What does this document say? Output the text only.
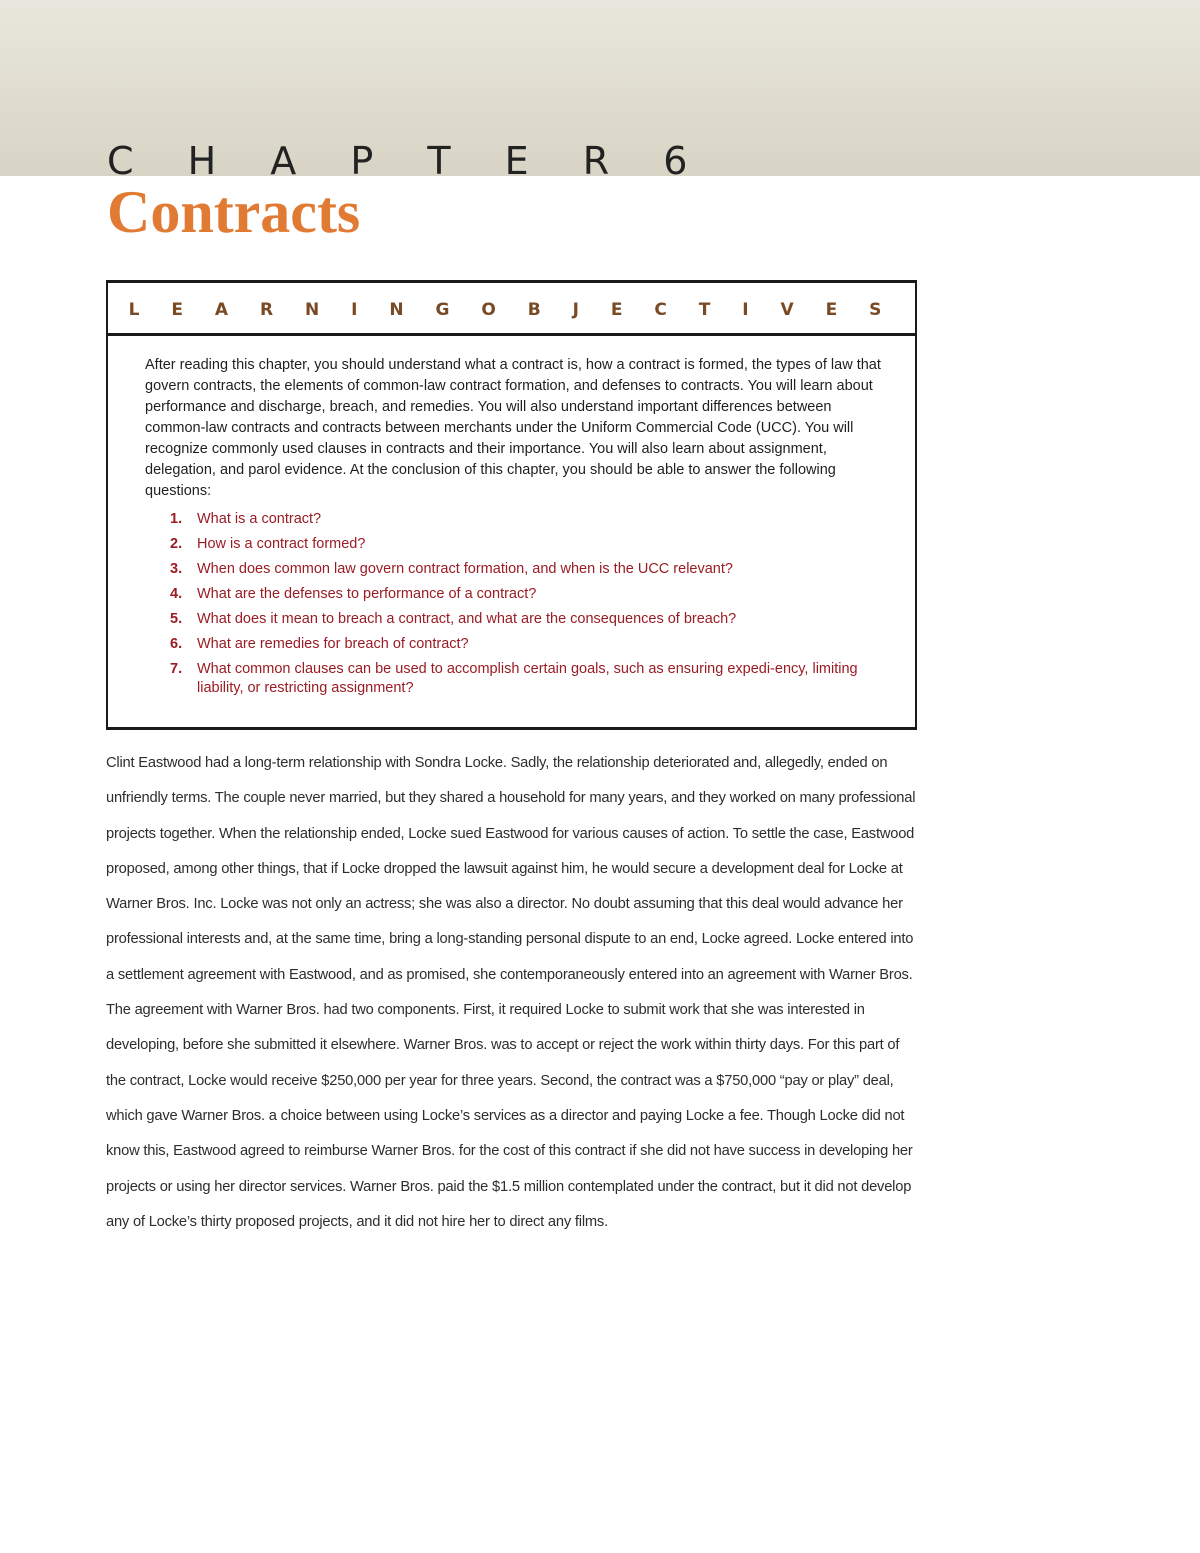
C H A P T E R 6
Contracts
L E A R N I N G O B J E C T I V E S

After reading this chapter, you should understand what a contract is, how a contract is formed, the types of law that govern contracts, the elements of common-law contract formation, and defenses to contracts. You will learn about performance and discharge, breach, and remedies. You will also understand important differences between common-law contracts and contracts between merchants under the Uniform Commercial Code (UCC). You will recognize commonly used clauses in contracts and their importance. You will also learn about assignment, delegation, and parol evidence. At the conclusion of this chapter, you should be able to answer the following questions:

1.	What is a contract?
2.	How is a contract formed?
3.	When does common law govern contract formation, and when is the UCC relevant?
4.	What are the defenses to performance of a contract?
5.	What does it mean to breach a contract, and what are the consequences of breach?
6.	What are remedies for breach of contract?
7.	What common clauses can be used to accomplish certain goals, such as ensuring expedi-ency, limiting liability, or restricting assignment?

Clint Eastwood had a long-term relationship with Sondra Locke. Sadly, the relationship deteriorated and, allegedly, ended on unfriendly terms. The couple never married, but they shared a household for many years, and they worked on many professional projects together. When the relationship ended, Locke sued Eastwood for various causes of action. To settle the case, Eastwood proposed, among other things, that if Locke dropped the lawsuit against him, he would secure a development deal for Locke at Warner Bros. Inc. Locke was not only an actress; she was also a director. No doubt assuming that this deal would advance her professional interests and, at the same time, bring a long-standing personal dispute to an end, Locke agreed. Locke entered into a settlement agreement with Eastwood, and as promised, she contemporaneously entered into an agreement with Warner Bros. The agreement with Warner Bros. had two components. First, it required Locke to submit work that she was interested in developing, before she submitted it elsewhere. Warner Bros. was to accept or reject the work within thirty days. For this part of the contract, Locke would receive $250,000 per year for three years. Second, the contract was a $750,000 “pay or play” deal, which gave Warner Bros. a choice between using Locke’s services as a director and paying Locke a fee. Though Locke did not know this, Eastwood agreed to reimburse Warner Bros. for the cost of this contract if she did not have success in developing her projects or using her director services. Warner Bros. paid the $1.5 million contemplated under the contract, but it did not develop any of Locke’s thirty proposed projects, and it did not hire her to direct any films.
